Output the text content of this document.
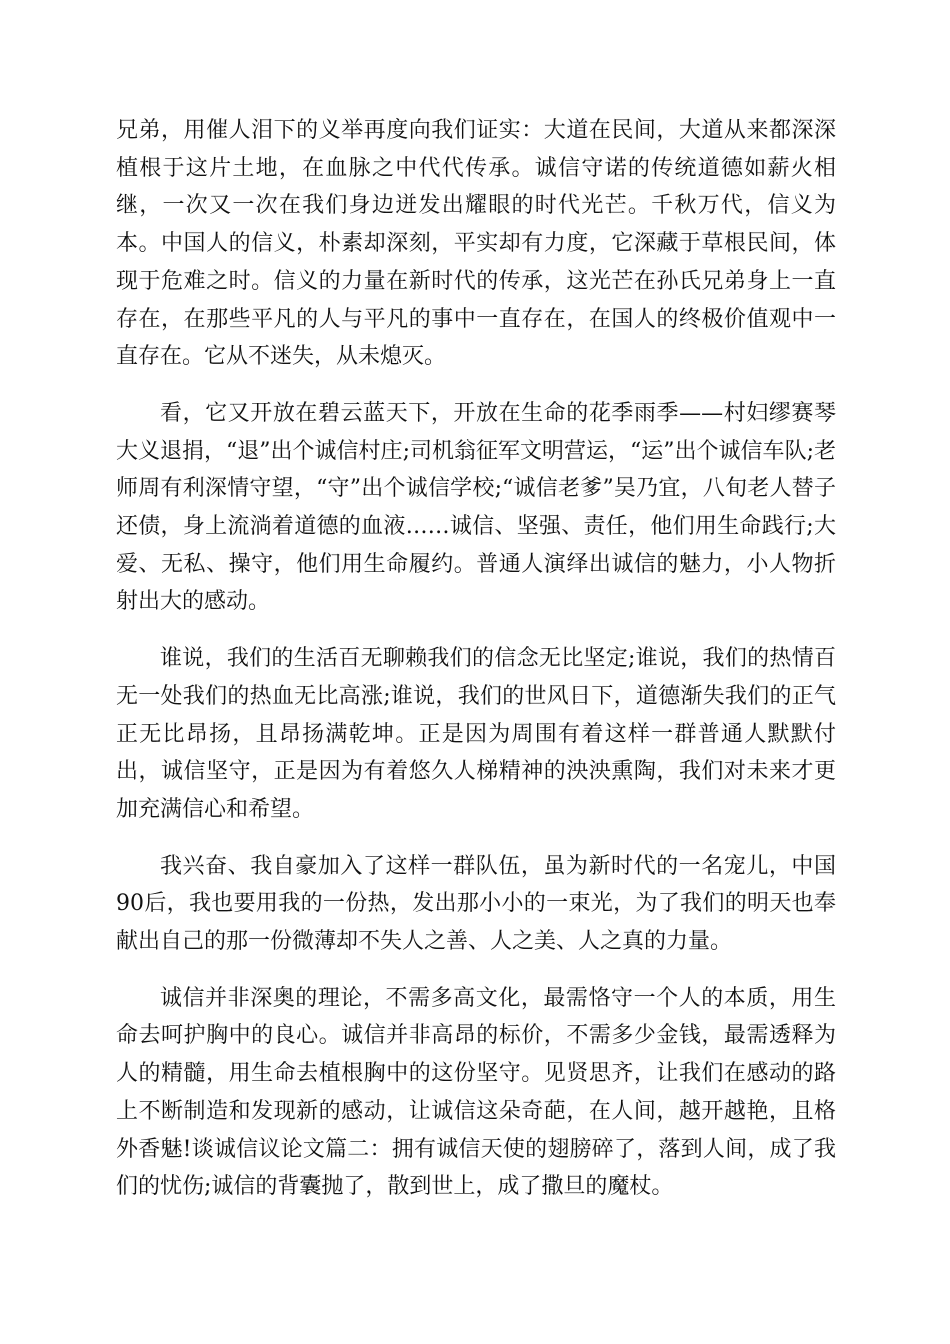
兄弟，用催人泪下的义举再度向我们证实：大道在民间，大道从来都深深植根于这片土地，在血脉之中代代传承。诚信守诺的传统道德如薪火相继，一次又一次在我们身边迸发出耀眼的时代光芒。千秋万代，信义为本。中国人的信义，朴素却深刻，平实却有力度，它深藏于草根民间，体现于危难之时。信义的力量在新时代的传承，这光芒在孙氏兄弟身上一直存在，在那些平凡的人与平凡的事中一直存在，在国人的终极价值观中一直存在。它从不迷失，从未熄灭。

看，它又开放在碧云蓝天下，开放在生命的花季雨季——村妇缪赛琴大义退捐，“退”出个诚信村庄;司机翁征军文明营运，“运”出个诚信车队;老师周有利深情守望，“守”出个诚信学校;“诚信老爹”吴乃宜，八旬老人替子还债，身上流淌着道德的血液……诚信、坚强、责任，他们用生命践行;大爱、无私、操守，他们用生命履约。普通人演绎出诚信的魅力，小人物折射出大的感动。

谁说，我们的生活百无聊赖我们的信念无比坚定;谁说，我们的热情百无一处我们的热血无比高涨;谁说，我们的世风日下，道德渐失我们的正气正无比昂扬，且昂扬满乾坤。正是因为周围有着这样一群普通人默默付出，诚信坚守，正是因为有着悠久人梯精神的泱泱熏陶，我们对未来才更加充满信心和希望。

我兴奋、我自豪加入了这样一群队伍，虽为新时代的一名宠儿，中国90后，我也要用我的一份热，发出那小小的一束光，为了我们的明天也奉献出自己的那一份微薄却不失人之善、人之美、人之真的力量。

诚信并非深奥的理论，不需多高文化，最需恪守一个人的本质，用生命去呵护胸中的良心。诚信并非高昂的标价，不需多少金钱，最需透释为人的精髓，用生命去植根胸中的这份坚守。见贤思齐，让我们在感动的路上不断制造和发现新的感动，让诚信这朵奇葩，在人间，越开越艳，且格外香魅!谈诚信议论文篇二：拥有诚信天使的翅膀碎了，落到人间，成了我们的忧伤;诚信的背囊抛了，散到世上，成了撒旦的魔杖。
